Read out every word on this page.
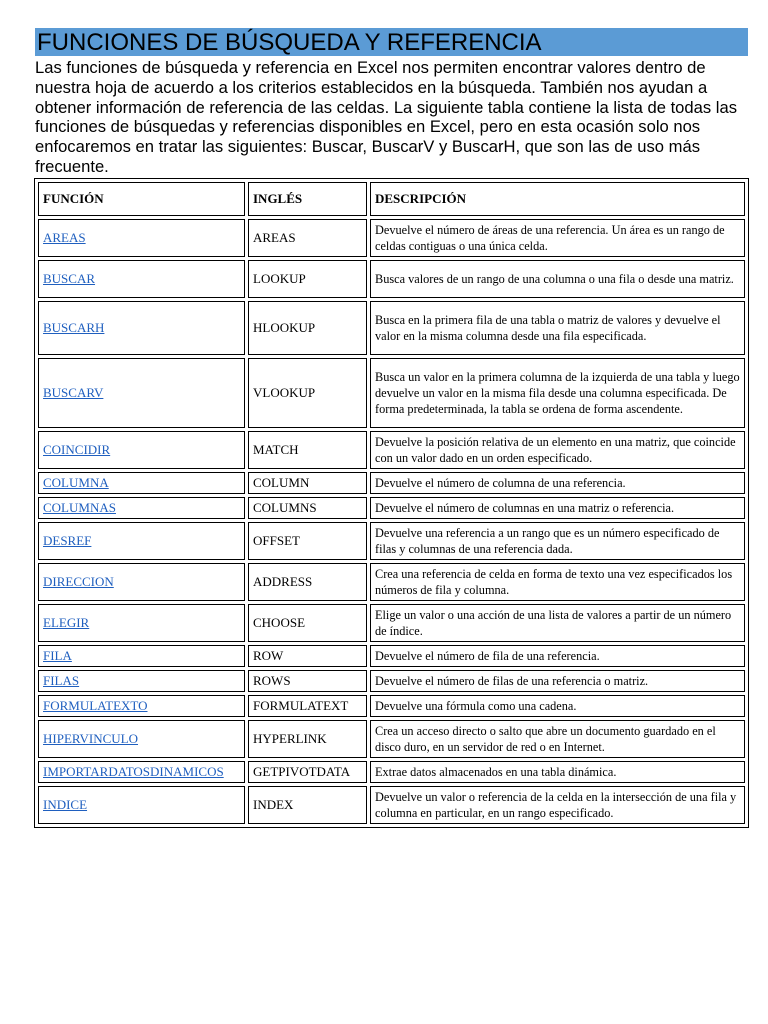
FUNCIONES DE BÚSQUEDA Y REFERENCIA
Las funciones de búsqueda y referencia en Excel nos permiten encontrar valores dentro de nuestra hoja de acuerdo a los criterios establecidos en la búsqueda. También nos ayudan a obtener información de referencia de las celdas. La siguiente tabla contiene la lista de todas las funciones de búsquedas y referencias disponibles en Excel, pero en esta ocasión solo nos enfocaremos en tratar las siguientes: Buscar, BuscarV y BuscarH, que son las de uso más frecuente.
FUNCIÓN	INGLÉS	DESCRIPCIÓN
AREAS	AREAS	Devuelve el número de áreas de una referencia. Un área es un rango de celdas contiguas o una única celda.
BUSCAR	LOOKUP	Busca valores de un rango de una columna o una fila o desde una matriz.
BUSCARH	HLOOKUP	Busca en la primera fila de una tabla o matriz de valores y devuelve el valor en la misma columna desde una fila especificada.
BUSCARV	VLOOKUP	Busca un valor en la primera columna de la izquierda de una tabla y luego devuelve un valor en la misma fila desde una columna especificada. De forma predeterminada, la tabla se ordena de forma ascendente.
COINCIDIR	MATCH	Devuelve la posición relativa de un elemento en una matriz, que coincide con un valor dado en un orden especificado.
COLUMNA	COLUMN	Devuelve el número de columna de una referencia.
COLUMNAS	COLUMNS	Devuelve el número de columnas en una matriz o referencia.
DESREF	OFFSET	Devuelve una referencia a un rango que es un número especificado de filas y columnas de una referencia dada.
DIRECCION	ADDRESS	Crea una referencia de celda en forma de texto una vez especificados los números de fila y columna.
ELEGIR	CHOOSE	Elige un valor o una acción de una lista de valores a partir de un número de índice.
FILA	ROW	Devuelve el número de fila de una referencia.
FILAS	ROWS	Devuelve el número de filas de una referencia o matriz.
FORMULATEXTO	FORMULATEXT	Devuelve una fórmula como una cadena.
HIPERVINCULO	HYPERLINK	Crea un acceso directo o salto que abre un documento guardado en el disco duro, en un servidor de red o en Internet.
IMPORTARDATOSDINAMICOS	GETPIVOTDATA	Extrae datos almacenados en una tabla dinámica.
INDICE	INDEX	Devuelve un valor o referencia de la celda en la intersección de una fila y columna en particular, en un rango especificado.
